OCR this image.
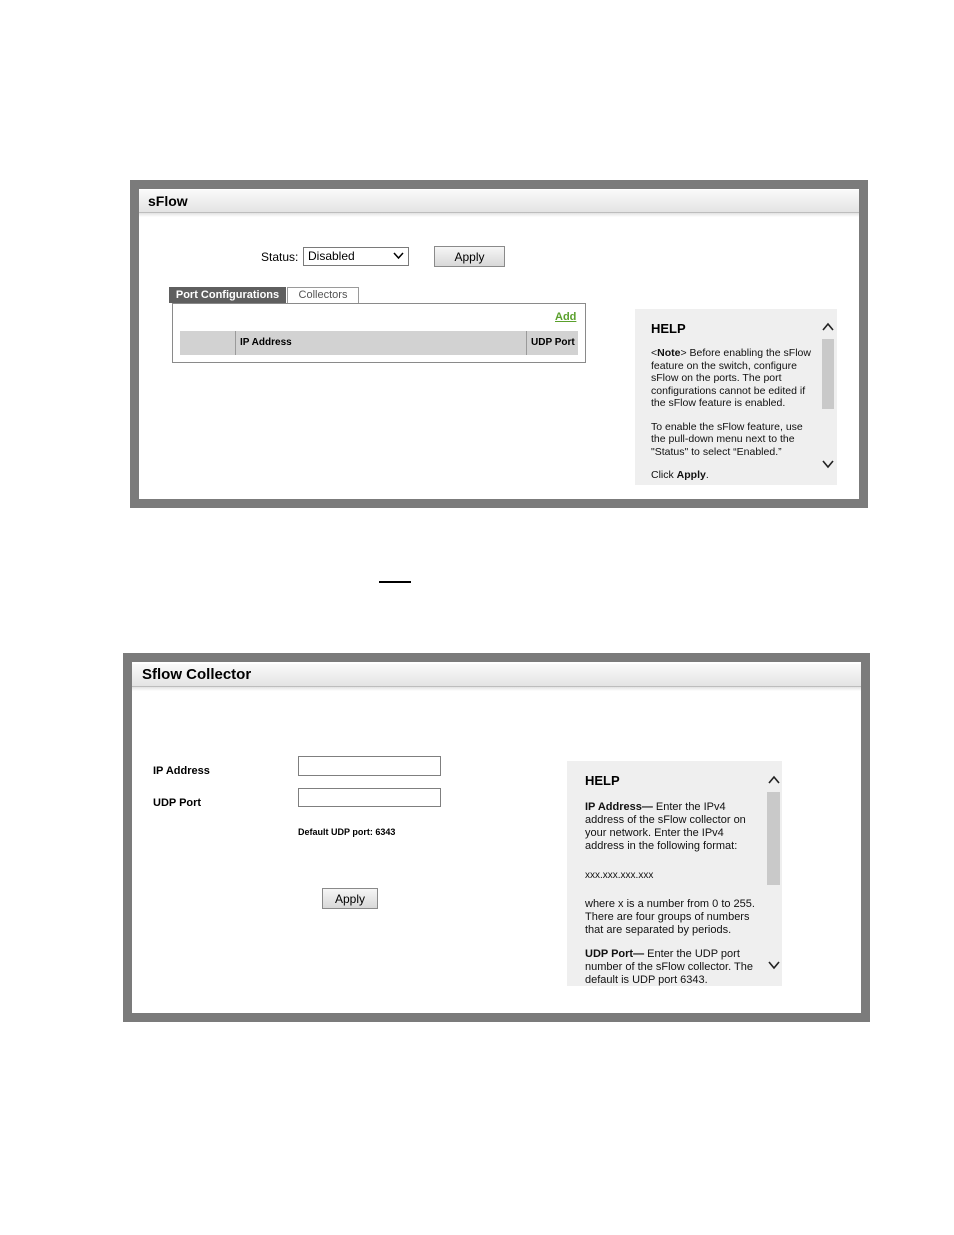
sFlow
Status: Disabled	Apply
Port Configurations	Collectors
Add
IP Address	UDP Port
HELP

<Note> Before enabling the sFlow feature on the switch, configure sFlow on the ports. The port configurations cannot be edited if the sFlow feature is enabled.

To enable the sFlow feature, use the pull-down menu next to the "Status" to select “Enabled.”

Click Apply.

Sflow Collector
IP Address
UDP Port
Default UDP port: 6343
Apply
HELP

IP Address— Enter the IPv4 address of the sFlow collector on your network. Enter the IPv4 address in the following format:

xxx.xxx.xxx.xxx

where x is a number from 0 to 255. There are four groups of numbers that are separated by periods.

UDP Port— Enter the UDP port number of the sFlow collector. The default is UDP port 6343.
